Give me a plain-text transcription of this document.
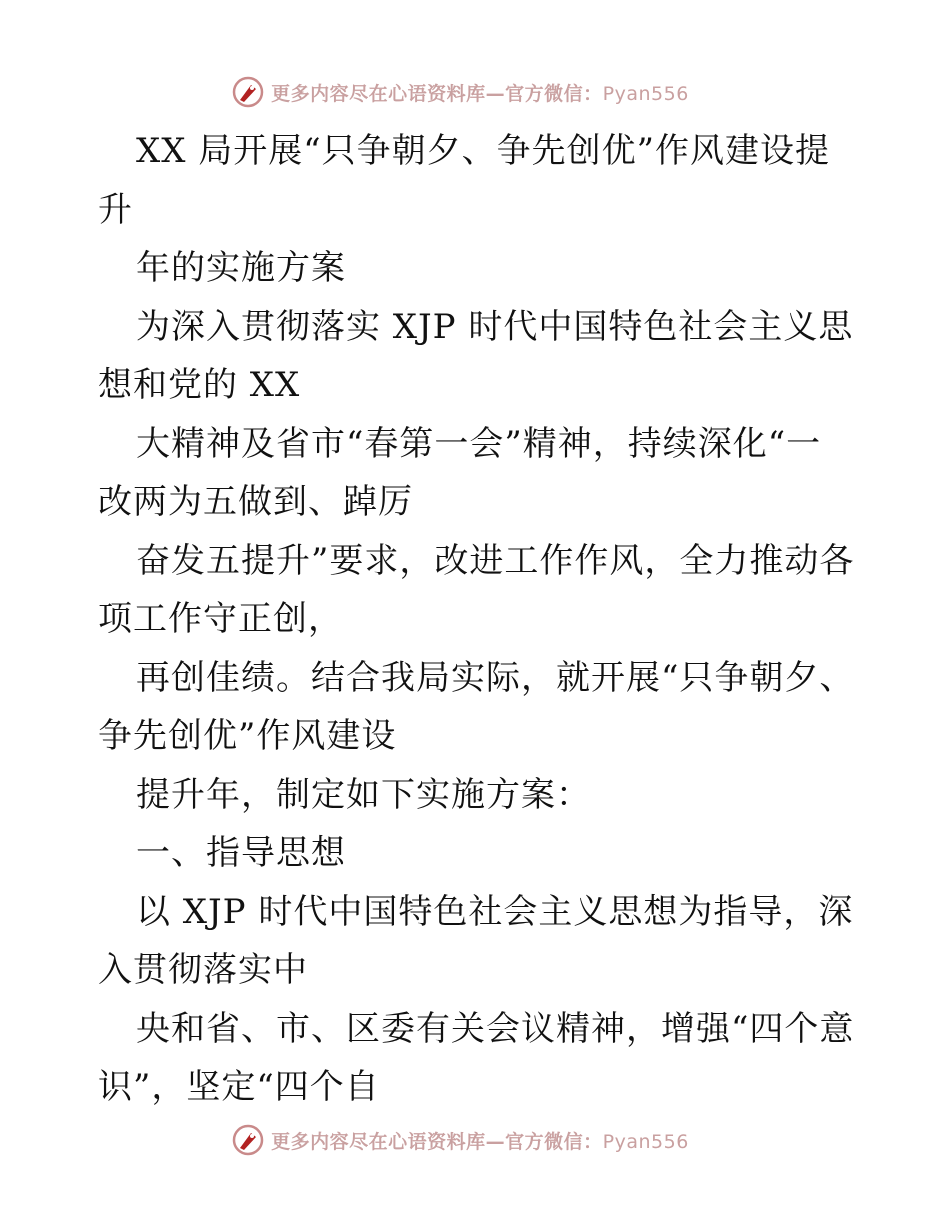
更多内容尽在心语资料库—官方微信：Pyan556
XX 局开展“只争朝夕、争先创优”作风建设提
升
年的实施方案
为深入贯彻落实 XJP 时代中国特色社会主义思
想和党的 XX
大精神及省市“春第一会”精神，持续深化“一
改两为五做到、踔厉
奋发五提升”要求，改进工作作风，全力推动各
项工作守正创，
再创佳绩。结合我局实际，就开展“只争朝夕、
争先创优”作风建设
提升年，制定如下实施方案：
一、指导思想
以 XJP 时代中国特色社会主义思想为指导，深
入贯彻落实中
央和省、市、区委有关会议精神，增强“四个意
识”，坚定“四个自
更多内容尽在心语资料库—官方微信：Pyan556
